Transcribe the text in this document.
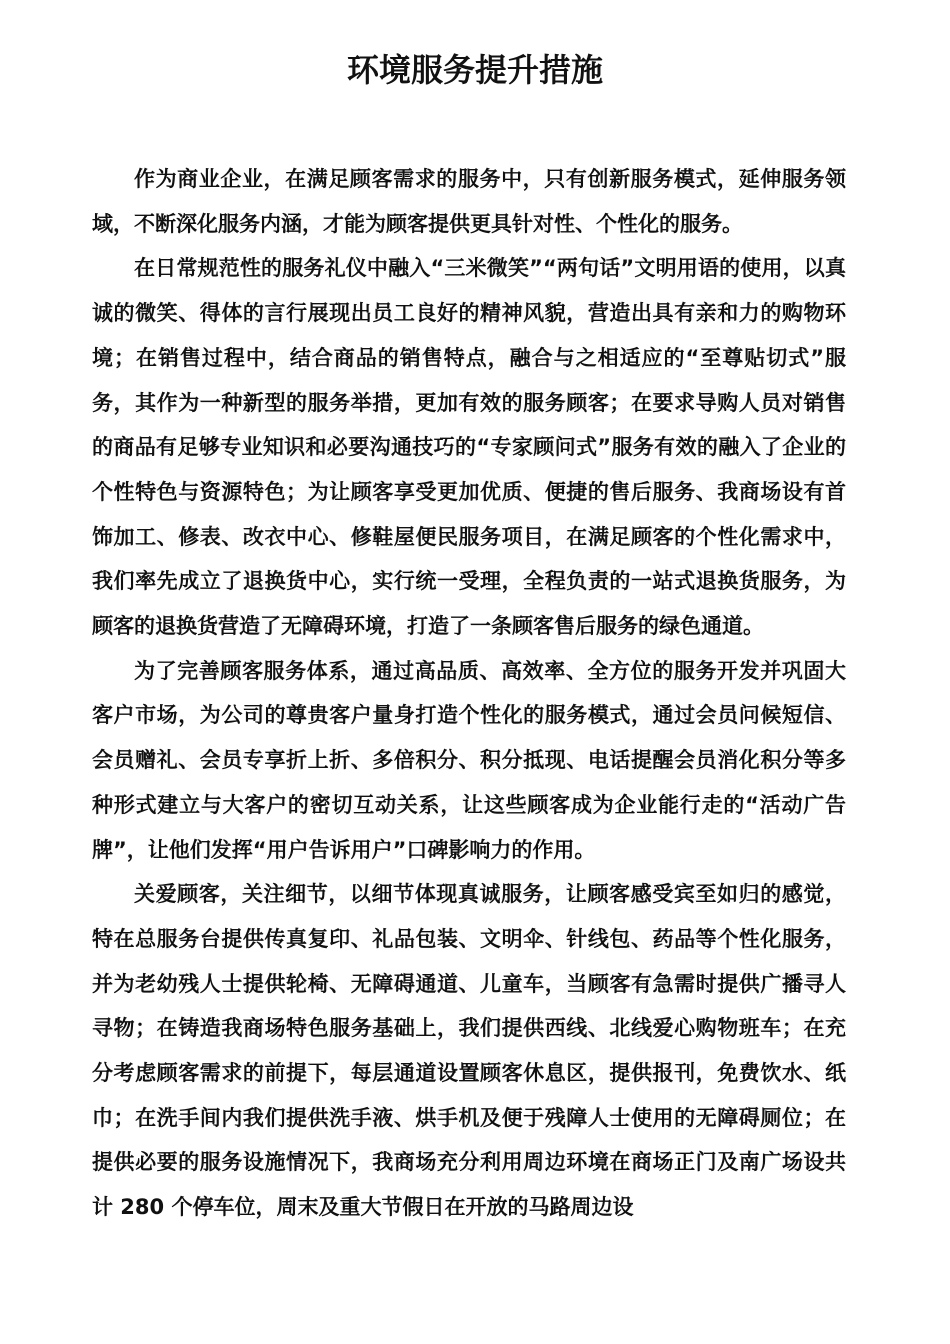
环境服务提升措施

作为商业企业，在满足顾客需求的服务中，只有创新服务模式，延伸服务领域，不断深化服务内涵，才能为顾客提供更具针对性、个性化的服务。

在日常规范性的服务礼仪中融入“三米微笑”“两句话”文明用语的使用，以真诚的微笑、得体的言行展现出员工良好的精神风貌，营造出具有亲和力的购物环境；在销售过程中，结合商品的销售特点，融合与之相适应的“至尊贴切式”服务，其作为一种新型的服务举措，更加有效的服务顾客；在要求导购人员对销售的商品有足够专业知识和必要沟通技巧的“专家顾问式”服务有效的融入了企业的个性特色与资源特色；为让顾客享受更加优质、便捷的售后服务、我商场设有首饰加工、修表、改衣中心、修鞋屋便民服务项目，在满足顾客的个性化需求中，我们率先成立了退换货中心，实行统一受理，全程负责的一站式退换货服务，为顾客的退换货营造了无障碍环境，打造了一条顾客售后服务的绿色通道。

为了完善顾客服务体系，通过高品质、高效率、全方位的服务开发并巩固大客户市场，为公司的尊贵客户量身打造个性化的服务模式，通过会员问候短信、会员赠礼、会员专享折上折、多倍积分、积分抵现、电话提醒会员消化积分等多种形式建立与大客户的密切互动关系，让这些顾客成为企业能行走的“活动广告牌”，让他们发挥“用户告诉用户”口碑影响力的作用。

关爱顾客，关注细节，以细节体现真诚服务，让顾客感受宾至如归的感觉，特在总服务台提供传真复印、礼品包装、文明伞、针线包、药品等个性化服务，并为老幼残人士提供轮椅、无障碍通道、儿童车，当顾客有急需时提供广播寻人寻物；在铸造我商场特色服务基础上，我们提供西线、北线爱心购物班车；在充分考虑顾客需求的前提下，每层通道设置顾客休息区，提供报刊，免费饮水、纸巾；在洗手间内我们提供洗手液、烘手机及便于残障人士使用的无障碍厕位；在提供必要的服务设施情况下，我商场充分利用周边环境在商场正门及南广场设共计 280 个停车位，周末及重大节假日在开放的马路周边设
